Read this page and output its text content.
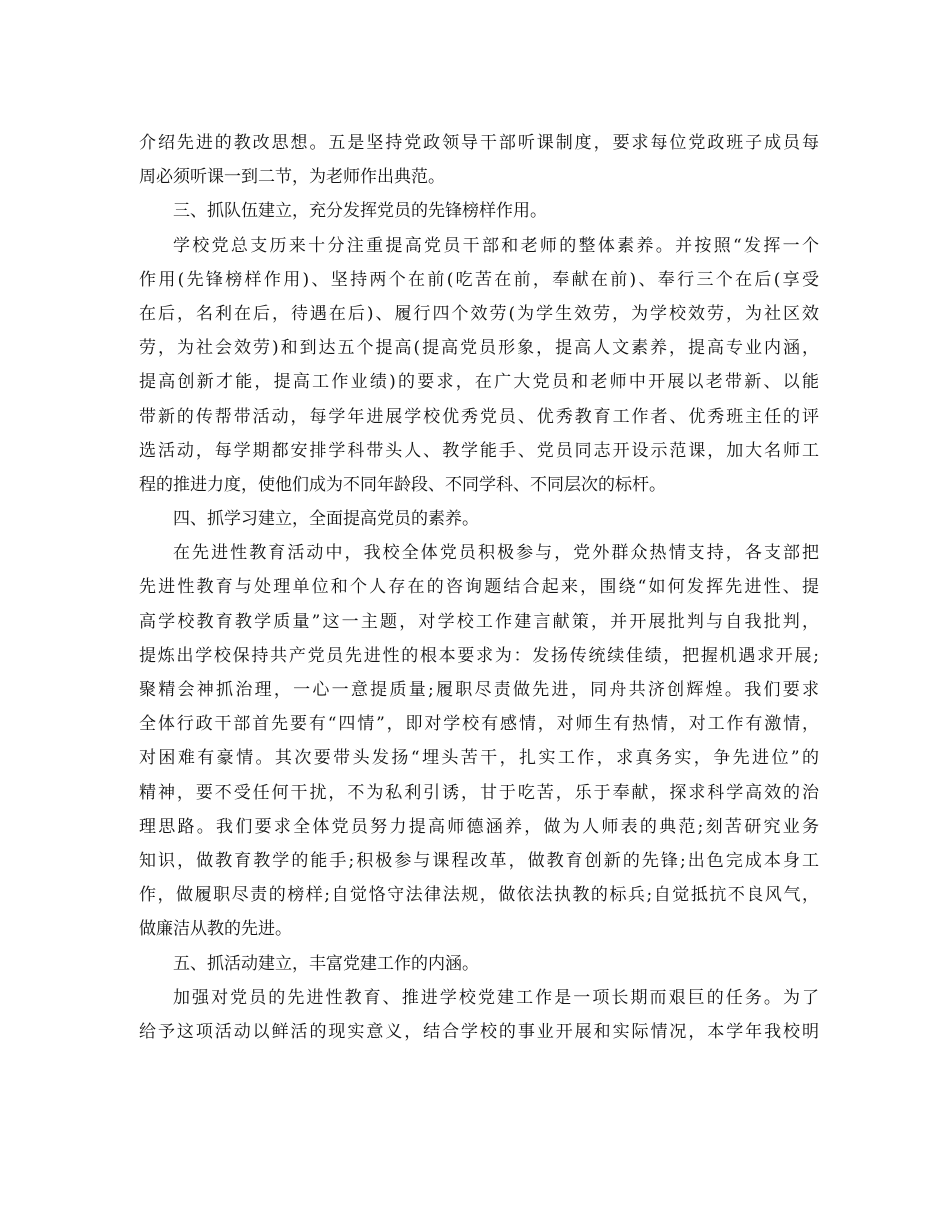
介绍先进的教改思想。五是坚持党政领导干部听课制度，要求每位党政班子成员每
周必须听课一到二节，为老师作出典范。
三、抓队伍建立，充分发挥党员的先锋榜样作用。
学校党总支历来十分注重提高党员干部和老师的整体素养。并按照“发挥一个
作用(先锋榜样作用)、坚持两个在前(吃苦在前，奉献在前)、奉行三个在后(享受
在后，名利在后，待遇在后)、履行四个效劳(为学生效劳，为学校效劳，为社区效
劳，为社会效劳)和到达五个提高(提高党员形象，提高人文素养，提高专业内涵，
提高创新才能，提高工作业绩)的要求，在广大党员和老师中开展以老带新、以能
带新的传帮带活动，每学年进展学校优秀党员、优秀教育工作者、优秀班主任的评
选活动，每学期都安排学科带头人、教学能手、党员同志开设示范课，加大名师工
程的推进力度，使他们成为不同年龄段、不同学科、不同层次的标杆。
四、抓学习建立，全面提高党员的素养。
在先进性教育活动中，我校全体党员积极参与，党外群众热情支持，各支部把
先进性教育与处理单位和个人存在的咨询题结合起来，围绕“如何发挥先进性、提
高学校教育教学质量”这一主题，对学校工作建言献策，并开展批判与自我批判，
提炼出学校保持共产党员先进性的根本要求为：发扬传统续佳绩，把握机遇求开展;
聚精会神抓治理，一心一意提质量;履职尽责做先进，同舟共济创辉煌。我们要求
全体行政干部首先要有“四情”，即对学校有感情，对师生有热情，对工作有激情，
对困难有豪情。其次要带头发扬“埋头苦干，扎实工作，求真务实，争先进位”的
精神，要不受任何干扰，不为私利引诱，甘于吃苦，乐于奉献，探求科学高效的治
理思路。我们要求全体党员努力提高师德涵养，做为人师表的典范;刻苦研究业务
知识，做教育教学的能手;积极参与课程改革，做教育创新的先锋;出色完成本身工
作，做履职尽责的榜样;自觉恪守法律法规，做依法执教的标兵;自觉抵抗不良风气，
做廉洁从教的先进。
五、抓活动建立，丰富党建工作的内涵。
加强对党员的先进性教育、推进学校党建工作是一项长期而艰巨的任务。为了
给予这项活动以鲜活的现实意义，结合学校的事业开展和实际情况，本学年我校明
